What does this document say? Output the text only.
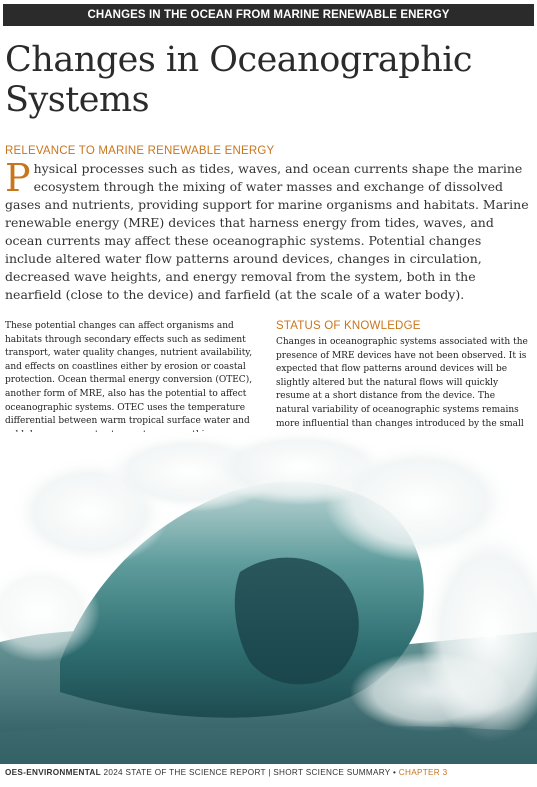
CHANGES IN THE OCEAN FROM MARINE RENEWABLE ENERGY
Changes in Oceanographic
Systems
RELEVANCE TO MARINE RENEWABLE ENERGY

Physical processes such as tides, waves, and ocean currents shape the marine ecosystem through the mixing of water masses and exchange of dissolved gases and nutrients, providing support for marine organisms and habitats. Marine renewable energy (MRE) devices that harness energy from tides, waves, and ocean currents may affect these oceanographic systems. Potential changes include altered water flow patterns around devices, changes in circulation, decreased wave heights, and energy removal from the system, both in the nearfield (close to the device) and farfield (at the scale of a water body).

These potential changes can affect organisms and habitats through secondary effects such as sediment transport, water quality changes, nutrient availability, and effects on coastlines either by erosion or coastal protection. Ocean thermal energy conversion (OTEC), another form of MRE, also has the potential to affect oceanographic systems. OTEC uses the temperature differential between warm tropical surface water and

STATUS OF KNOWLEDGE

Changes in oceanographic systems associated with the presence of MRE devices have not been observed. It is expected that flow patterns around devices will be slightly altered but the natural flows will quickly resume at a short distance from the device. The natural variability of oceanographic systems remains more influential than changes introduced by the small

OES-ENVIRONMENTAL 2024 STATE OF THE SCIENCE REPORT | SHORT SCIENCE SUMMARY • CHAPTER 3
